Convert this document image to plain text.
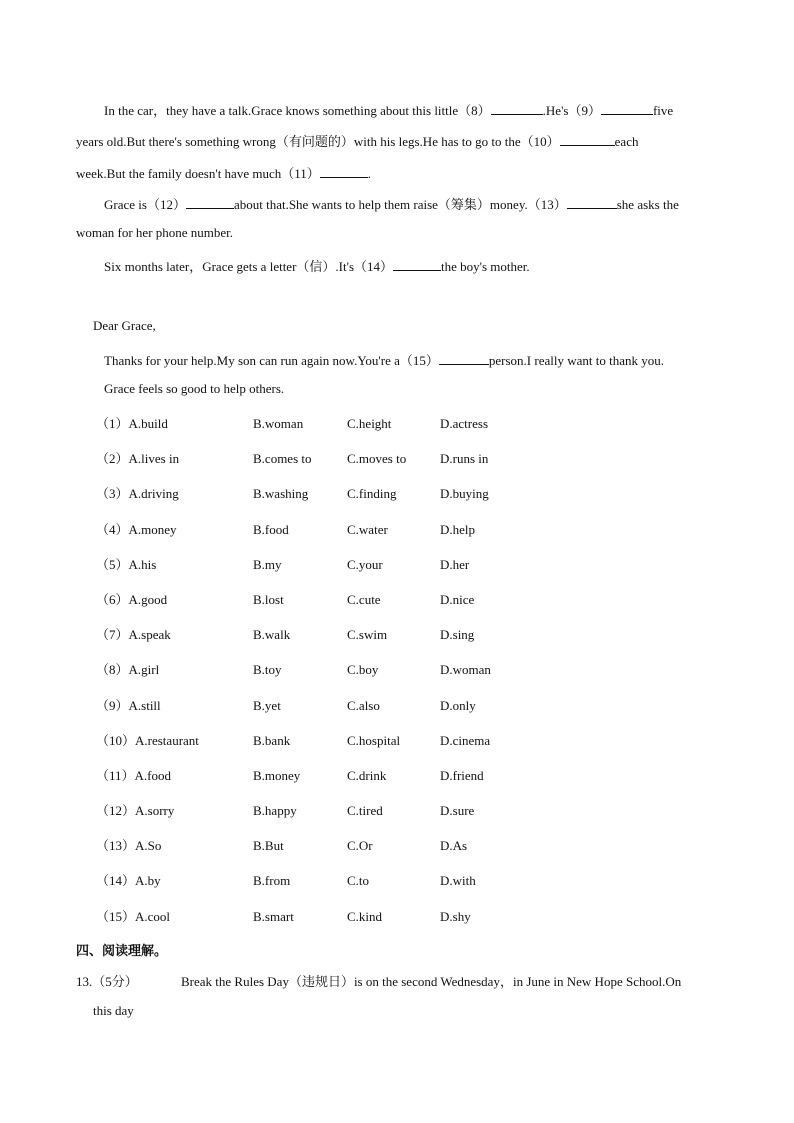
In the car，they have a talk.Grace knows something about this little（8）	.He's（9）	five
years old.But there's something wrong（有问题的）with his legs.He has to go to the（10）	each
week.But the family doesn't have much（11）	.
Grace is（12）	about that.She wants to help them raise（筹集）money.（13）	she asks the
woman for her phone number.
Six months later，Grace gets a letter（信）.It's（14）	the boy's mother.
Dear Grace,
Thanks for your help.My son can run again now.You're a（15）	person.I really want to thank you.
Grace feels so good to help others.
（1）A.build	B.woman	C.height	D.actress
（2）A.lives in	B.comes to	C.moves to	D.runs in
（3）A.driving	B.washing	C.finding	D.buying
（4）A.money	B.food	C.water	D.help
（5）A.his	B.my	C.your	D.her
（6）A.good	B.lost	C.cute	D.nice
（7）A.speak	B.walk	C.swim	D.sing
（8）A.girl	B.toy	C.boy	D.woman
（9）A.still	B.yet	C.also	D.only
（10）A.restaurant	B.bank	C.hospital	D.cinema
（11）A.food	B.money	C.drink	D.friend
（12）A.sorry	B.happy	C.tired	D.sure
（13）A.So	B.But	C.Or	D.As
（14）A.by	B.from	C.to	D.with
（15）A.cool	B.smart	C.kind	D.shy
四、阅读理解。
13.（5分）	Break the Rules Day（违规日）is on the second Wednesday，in June in New Hope School.On
this day
